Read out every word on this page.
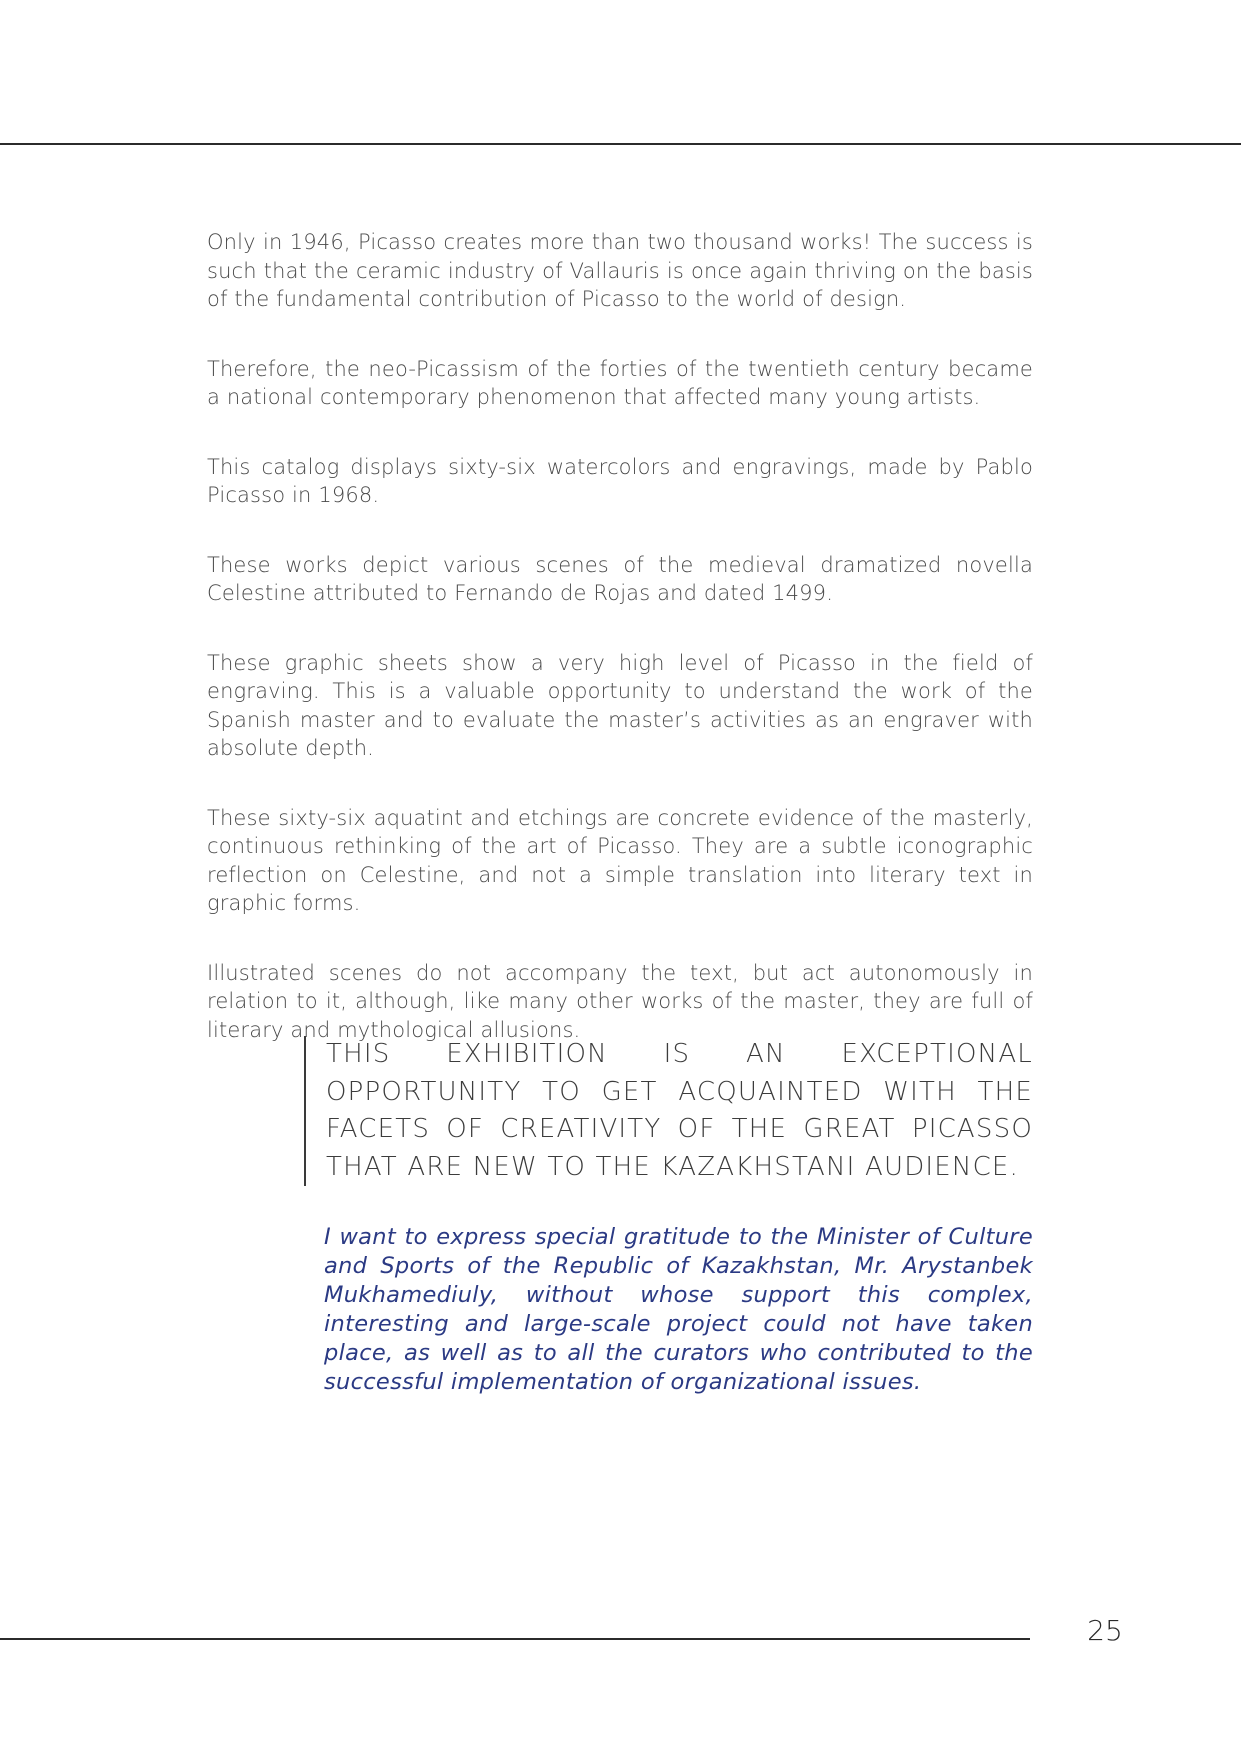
Only in 1946, Picasso creates more than two thousand works! The success is such that the ceramic industry of Vallauris is once again thriving on the basis of the fundamental contribution of Picasso to the world of design.

Therefore, the neo-Picassism of the forties of the twentieth century became a national contemporary phenomenon that affected many young artists.

This catalog displays sixty-six watercolors and engravings, made by Pablo Picasso in 1968.

These works depict various scenes of the medieval dramatized novella Celestine attributed to Fernando de Rojas and dated 1499.

These graphic sheets show a very high level of Picasso in the field of engraving. This is a valuable opportunity to understand the work of the Spanish master and to evaluate the master’s activities as an engraver with absolute depth.

These sixty-six aquatint and etchings are concrete evidence of the masterly, continuous rethinking of the art of Picasso. They are a subtle iconographic reflection on Celestine, and not a simple translation into literary text in graphic forms.

Illustrated scenes do not accompany the text, but act autonomously in relation to it, although, like many other works of the master, they are full of literary and mythological allusions.

THIS EXHIBITION IS AN EXCEPTIONAL OPPORTUNITY TO GET ACQUAINTED WITH THE FACETS OF CREATIVITY OF THE GREAT PICASSO THAT ARE NEW TO THE KAZAKHSTANI AUDIENCE.

I want to express special gratitude to the Minister of Culture and Sports of the Republic of Kazakhstan, Mr. Arystanbek Mukhamediuly, without whose support this complex, interesting and large-scale project could not have taken place, as well as to all the curators who contributed to the successful implementation of organizational issues.

25
